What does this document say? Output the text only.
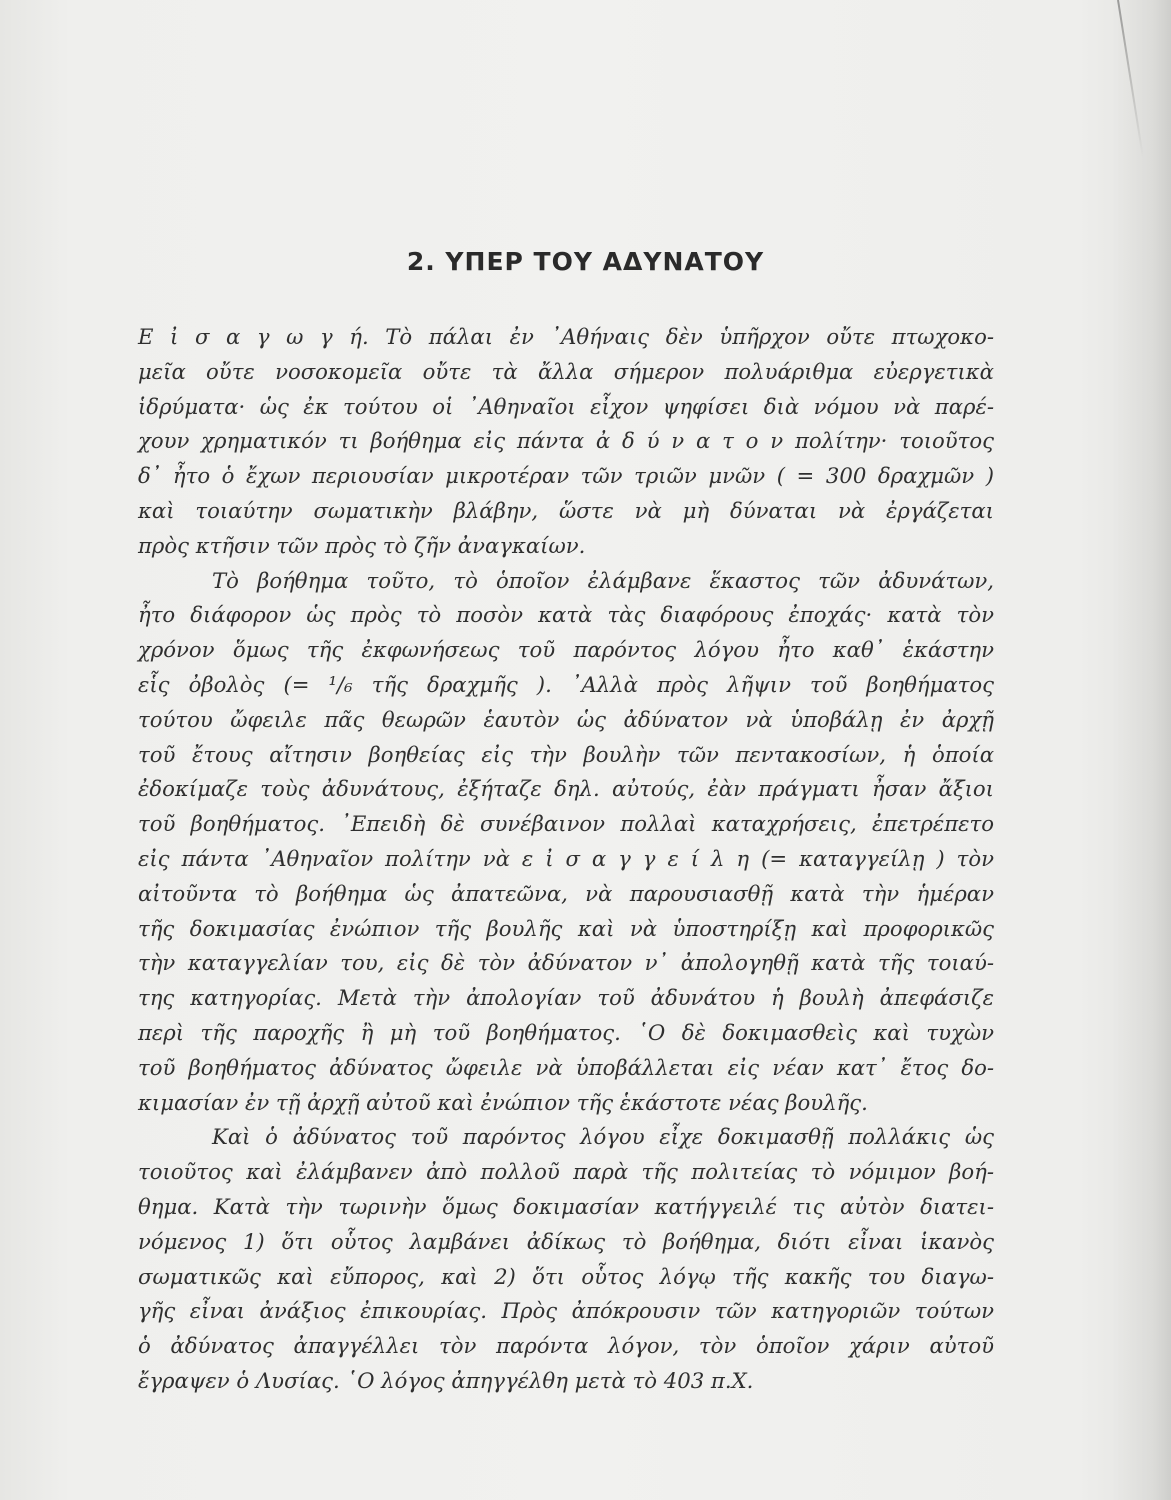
2. ΥΠΕΡ ΤΟΥ ΑΔΥΝΑΤΟΥ
Ε ἰ σ α γ ω γ ή. Τὸ πάλαι ἐν ᾿Αθήναις δὲν ὑπῆρχον οὔτε πτωχοκο-
μεῖα οὔτε νοσοκομεῖα οὔτε τὰ ἄλλα σήμερον πολυάριθμα εὐεργετικὰ
ἱδρύματα· ὡς ἐκ τούτου οἱ ᾿Αθηναῖοι εἶχον ψηφίσει διὰ νόμου νὰ παρέ-
χουν χρηματικόν τι βοήθημα εἰς πάντα ἀ δ ύ ν α τ ο ν πολίτην· τοιοῦτος
δ᾿ ἦτο ὁ ἔχων περιουσίαν μικροτέραν τῶν τριῶν μνῶν ( = 300 δραχμῶν )
καὶ τοιαύτην σωματικὴν βλάβην, ὥστε νὰ μὴ δύναται νὰ ἐργάζεται
πρὸς κτῆσιν τῶν πρὸς τὸ ζῆν ἀναγκαίων.
Τὸ βοήθημα τοῦτο, τὸ ὁποῖον ἐλάμβανε ἕκαστος τῶν ἀδυνάτων,
ἦτο διάφορον ὡς πρὸς τὸ ποσὸν κατὰ τὰς διαφόρους ἐποχάς· κατὰ τὸν
χρόνον ὅμως τῆς ἐκφωνήσεως τοῦ παρόντος λόγου ἦτο καθ᾿ ἑκάστην
εἷς ὀβολὸς (= ¹/₆ τῆς δραχμῆς ). ᾿Αλλὰ πρὸς λῆψιν τοῦ βοηθήματος
τούτου ὤφειλε πᾶς θεωρῶν ἑαυτὸν ὡς ἀδύνατον νὰ ὑποβάλῃ ἐν ἀρχῇ
τοῦ ἔτους αἴτησιν βοηθείας εἰς τὴν βουλὴν τῶν πεντακοσίων, ἡ ὁποία
ἐδοκίμαζε τοὺς ἀδυνάτους, ἐξήταζε δηλ. αὐτούς, ἐὰν πράγματι ἦσαν ἄξιοι
τοῦ βοηθήματος. ᾿Επειδὴ δὲ συνέβαινον πολλαὶ καταχρήσεις, ἐπετρέπετο
εἰς πάντα ᾿Αθηναῖον πολίτην νὰ ε ἰ σ α γ γ ε ί λ η (= καταγγείλῃ ) τὸν
αἰτοῦντα τὸ βοήθημα ὡς ἀπατεῶνα, νὰ παρουσιασθῇ κατὰ τὴν ἡμέραν
τῆς δοκιμασίας ἐνώπιον τῆς βουλῆς καὶ νὰ ὑποστηρίξῃ καὶ προφορικῶς
τὴν καταγγελίαν του, εἰς δὲ τὸν ἀδύνατον ν᾿ ἀπολογηθῇ κατὰ τῆς τοιαύ-
της κατηγορίας. Μετὰ τὴν ἀπολογίαν τοῦ ἀδυνάτου ἡ βουλὴ ἀπεφάσιζε
περὶ τῆς παροχῆς ἢ μὴ τοῦ βοηθήματος. ῾Ο δὲ δοκιμασθεὶς καὶ τυχὼν
τοῦ βοηθήματος ἀδύνατος ὤφειλε νὰ ὑποβάλλεται εἰς νέαν κατ᾿ ἔτος δο-
κιμασίαν ἐν τῇ ἀρχῇ αὐτοῦ καὶ ἐνώπιον τῆς ἑκάστοτε νέας βουλῆς.
Καὶ ὁ ἀδύνατος τοῦ παρόντος λόγου εἶχε δοκιμασθῇ πολλάκις ὡς
τοιοῦτος καὶ ἐλάμβανεν ἀπὸ πολλοῦ παρὰ τῆς πολιτείας τὸ νόμιμον βοή-
θημα. Κατὰ τὴν τωρινὴν ὅμως δοκιμασίαν κατήγγειλέ τις αὐτὸν διατει-
νόμενος 1) ὅτι οὗτος λαμβάνει ἀδίκως τὸ βοήθημα, διότι εἶναι ἱκανὸς
σωματικῶς καὶ εὔπορος, καὶ 2) ὅτι οὗτος λόγῳ τῆς κακῆς του διαγω-
γῆς εἶναι ἀνάξιος ἐπικουρίας. Πρὸς ἀπόκρουσιν τῶν κατηγοριῶν τούτων
ὁ ἀδύνατος ἀπαγγέλλει τὸν παρόντα λόγον, τὸν ὁποῖον χάριν αὐτοῦ
ἔγραψεν ὁ Λυσίας. ῾Ο λόγος ἀπηγγέλθη μετὰ τὸ 403 π.Χ.
